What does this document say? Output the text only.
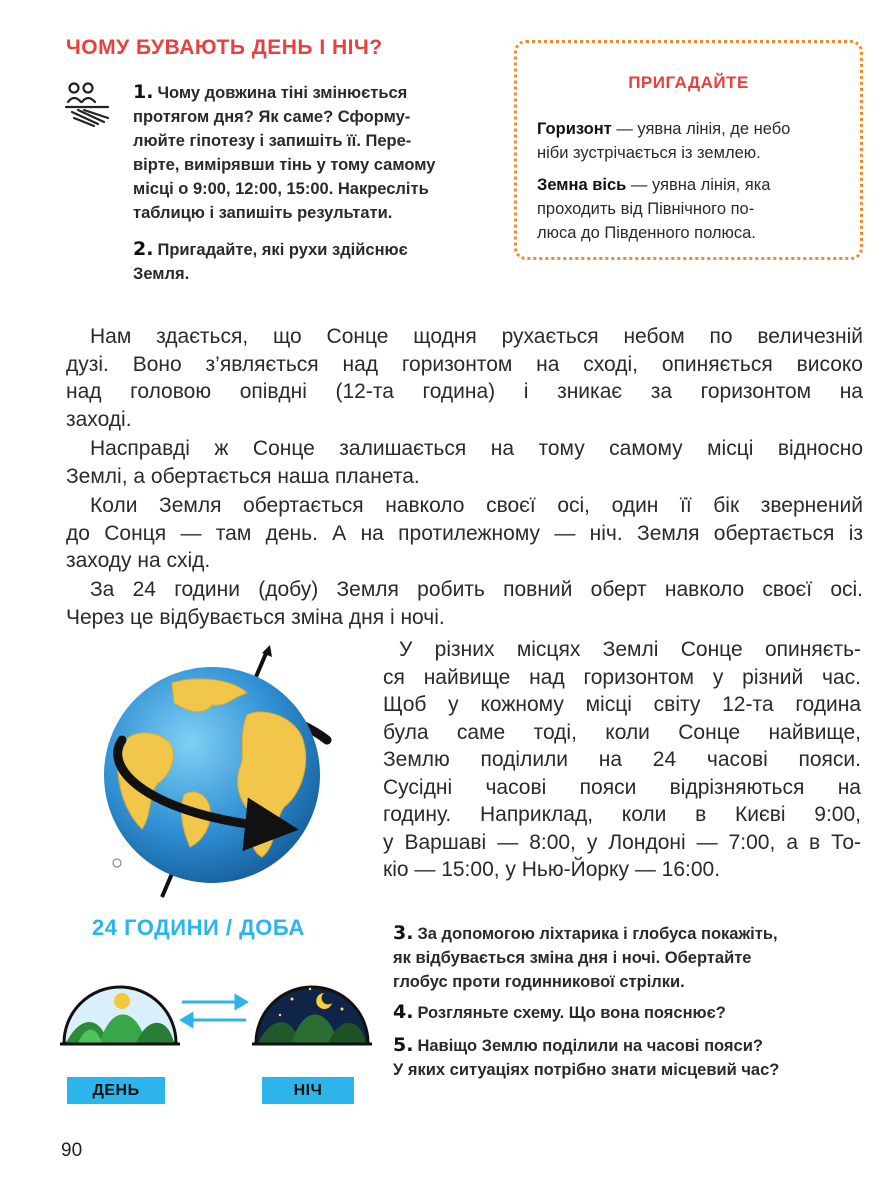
ЧОМУ БУВАЮТЬ ДЕНЬ І НІЧ?
1. Чому довжина тіні змінюється
протягом дня? Як саме? Сформу-
люйте гіпотезу і запишіть її. Пере-
вірте, вимірявши тінь у тому самому
місці о 9:00, 12:00, 15:00. Накресліть
таблицю і запишіть результати.
2. Пригадайте, які рухи здійснює
Земля.
ПРИГАДАЙТЕ
Горизонт — уявна лінія, де небо
ніби зустрічається із землею.
Земна вісь — уявна лінія, яка
проходить від Північного по-
люса до Південного полюса.
Нам здається, що Сонце щодня рухається небом по величезній
дузі. Воно з’являється над горизонтом на сході, опиняється високо
над головою опівдні (12-та година) і зникає за горизонтом на
заході.
Насправді ж Сонце залишається на тому самому місці відносно
Землі, а обертається наша планета.
Коли Земля обертається навколо своєї осі, один її бік звернений
до Сонця — там день. А на протилежному — ніч. Земля обертається із
заходу на схід.
За 24 години (добу) Земля робить повний оберт навколо своєї осі.
Через це відбувається зміна дня і ночі.
У різних місцях Землі Сонце опиняєть-
ся найвище над горизонтом у різний час.
Щоб у кожному місці світу 12-та година
була саме тоді, коли Сонце найвище,
Землю поділили на 24 часові пояси.
Сусідні часові пояси відрізняються на
годину. Наприклад, коли в Києві 9:00,
у Варшаві — 8:00, у Лондоні — 7:00, а в То-
кіо — 15:00, у Нью-Йорку — 16:00.
24 ГОДИНИ / ДОБА
ДЕНЬ	НІЧ
3. За допомогою ліхтарика і глобуса покажіть,
як відбувається зміна дня і ночі. Обертайте
глобус проти годинникової стрілки.
4. Розгляньте схему. Що вона пояснює?
5. Навіщо Землю поділили на часові пояси?
У яких ситуаціях потрібно знати місцевий час?
90
